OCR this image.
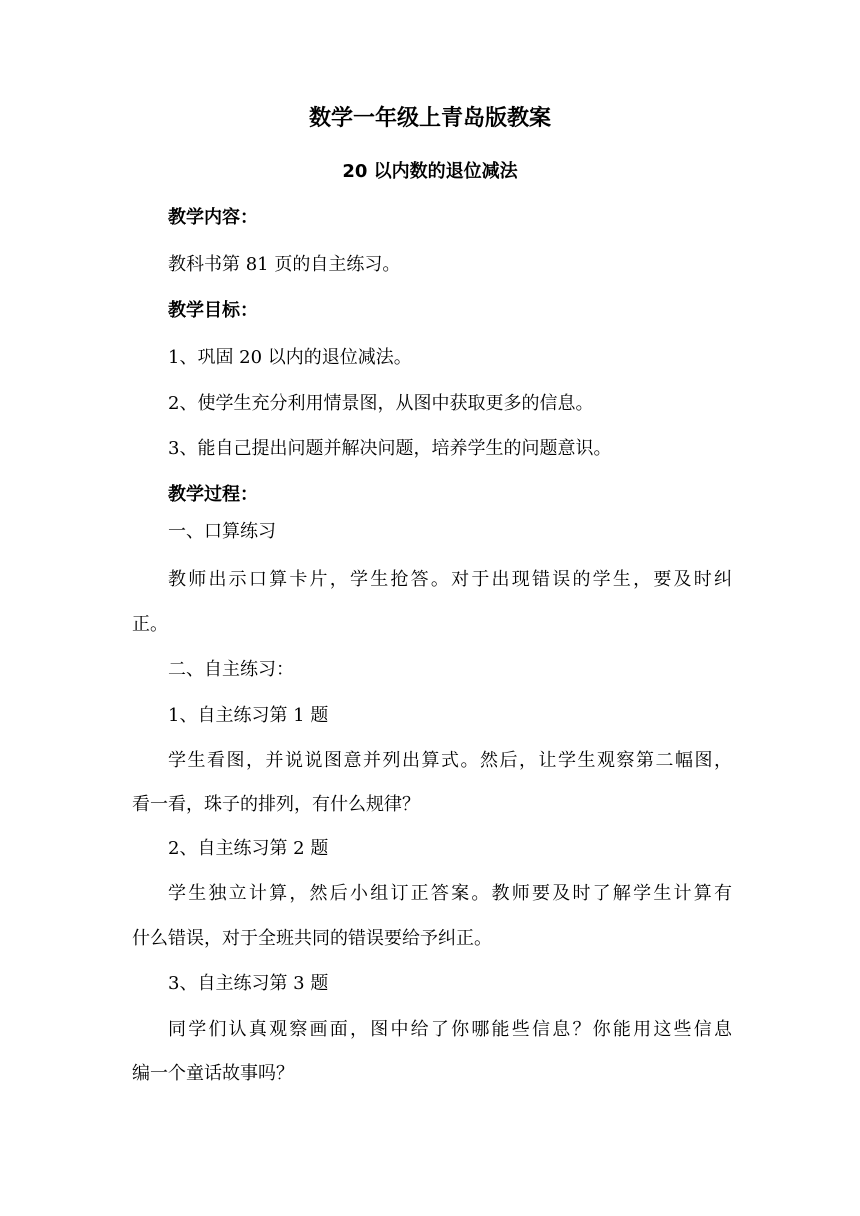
数学一年级上青岛版教案
20 以内数的退位减法
教学内容：
教科书第 81 页的自主练习。
教学目标：
1、巩固 20 以内的退位减法。
2、使学生充分利用情景图，从图中获取更多的信息。
3、能自己提出问题并解决问题，培养学生的问题意识。
教学过程：
一、口算练习
教师出示口算卡片，学生抢答。对于出现错误的学生，要及时纠
正。
二、自主练习：
1、自主练习第 1 题
学生看图，并说说图意并列出算式。然后，让学生观察第二幅图，
看一看，珠子的排列，有什么规律？
2、自主练习第 2 题
学生独立计算，然后小组订正答案。教师要及时了解学生计算有
什么错误，对于全班共同的错误要给予纠正。
3、自主练习第 3 题
同学们认真观察画面，图中给了你哪能些信息？你能用这些信息
编一个童话故事吗？
